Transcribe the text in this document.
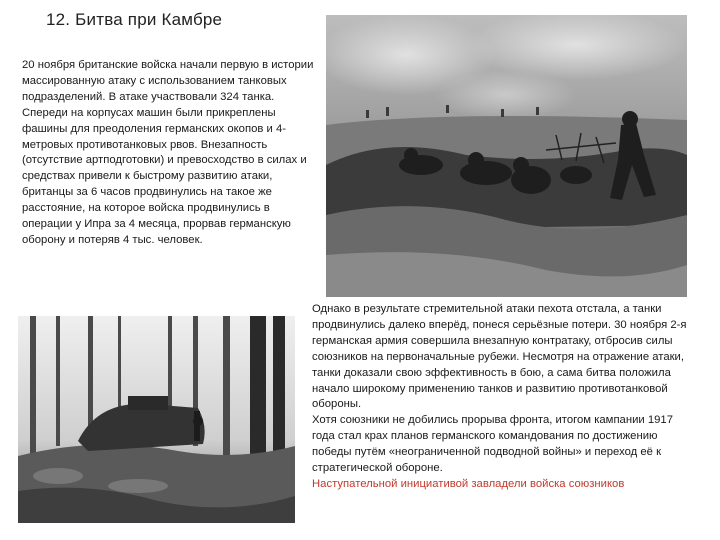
12. Битва при Камбре

20 ноября британские войска начали первую в истории массированную атаку с использованием танковых подразделений. В атаке участвовали 324 танка. Спереди на корпусах машин были прикреплены фашины для преодоления германских окопов и 4-метровых противотанковых рвов. Внезапность (отсутствие артподготовки) и превосходство в силах и средствах привели к быстрому развитию атаки, британцы за 6 часов продвинулись на такое же расстояние, на которое войска продвинулись в операции у Ипра за 4 месяца, прорвав германскую оборону и потеряв 4 тыс. человек.

Однако в результате стремительной атаки пехота отстала, а танки продвинулись далеко вперёд, понеся серьёзные потери. 30 ноября 2-я германская армия совершила внезапную контратаку, отбросив силы союзников на первоначальные рубежи. Несмотря на отражение атаки, танки доказали свою эффективность в бою, а сама битва положила начало широкому применению танков и развитию противотанковой обороны.

Хотя союзники не добились прорыва фронта, итогом кампании 1917 года стал крах планов германского командования по достижению победы путём «неограниченной подводной войны» и переход её к стратегической обороне.

Наступательной инициативой завладели войска союзников
